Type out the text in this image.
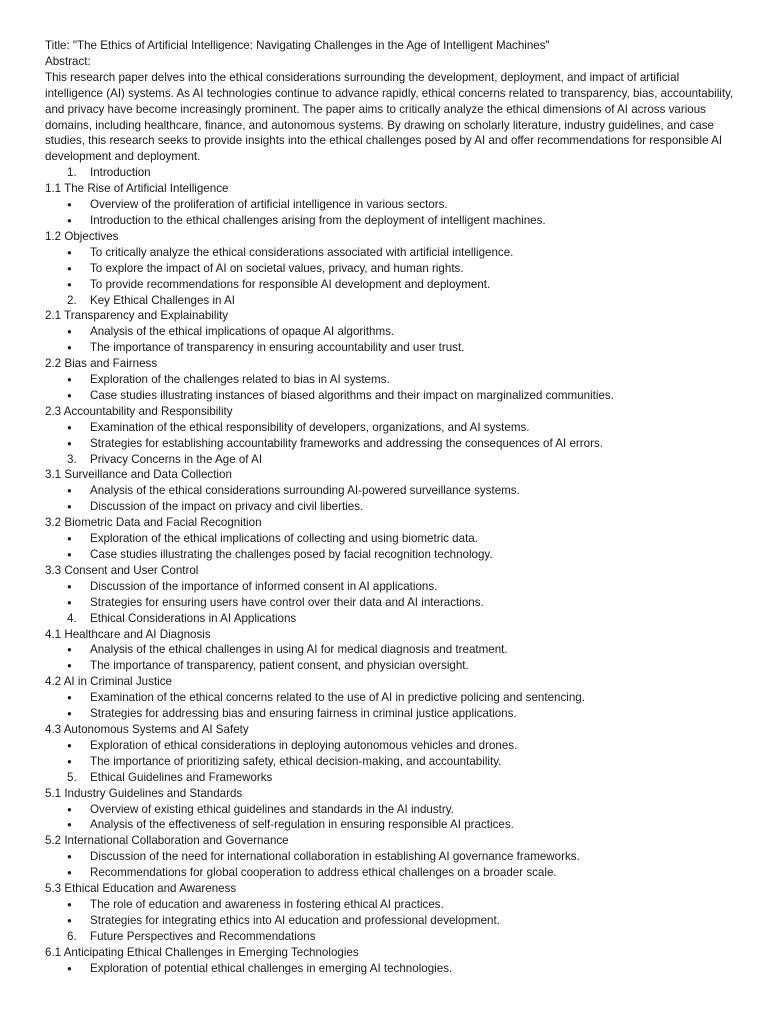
Title: "The Ethics of Artificial Intelligence: Navigating Challenges in the Age of Intelligent Machines"
Abstract:
This research paper delves into the ethical considerations surrounding the development, deployment, and impact of artificial intelligence (AI) systems. As AI technologies continue to advance rapidly, ethical concerns related to transparency, bias, accountability, and privacy have become increasingly prominent. The paper aims to critically analyze the ethical dimensions of AI across various domains, including healthcare, finance, and autonomous systems. By drawing on scholarly literature, industry guidelines, and case studies, this research seeks to provide insights into the ethical challenges posed by AI and offer recommendations for responsible AI development and deployment.
1. Introduction
1.1 The Rise of Artificial Intelligence
● Overview of the proliferation of artificial intelligence in various sectors.
● Introduction to the ethical challenges arising from the deployment of intelligent machines.
1.2 Objectives
● To critically analyze the ethical considerations associated with artificial intelligence.
● To explore the impact of AI on societal values, privacy, and human rights.
● To provide recommendations for responsible AI development and deployment.
2. Key Ethical Challenges in AI
2.1 Transparency and Explainability
● Analysis of the ethical implications of opaque AI algorithms.
● The importance of transparency in ensuring accountability and user trust.
2.2 Bias and Fairness
● Exploration of the challenges related to bias in AI systems.
● Case studies illustrating instances of biased algorithms and their impact on marginalized communities.
2.3 Accountability and Responsibility
● Examination of the ethical responsibility of developers, organizations, and AI systems.
● Strategies for establishing accountability frameworks and addressing the consequences of AI errors.
3. Privacy Concerns in the Age of AI
3.1 Surveillance and Data Collection
● Analysis of the ethical considerations surrounding AI-powered surveillance systems.
● Discussion of the impact on privacy and civil liberties.
3.2 Biometric Data and Facial Recognition
● Exploration of the ethical implications of collecting and using biometric data.
● Case studies illustrating the challenges posed by facial recognition technology.
3.3 Consent and User Control
● Discussion of the importance of informed consent in AI applications.
● Strategies for ensuring users have control over their data and AI interactions.
4. Ethical Considerations in AI Applications
4.1 Healthcare and AI Diagnosis
● Analysis of the ethical challenges in using AI for medical diagnosis and treatment.
● The importance of transparency, patient consent, and physician oversight.
4.2 AI in Criminal Justice
● Examination of the ethical concerns related to the use of AI in predictive policing and sentencing.
● Strategies for addressing bias and ensuring fairness in criminal justice applications.
4.3 Autonomous Systems and AI Safety
● Exploration of ethical considerations in deploying autonomous vehicles and drones.
● The importance of prioritizing safety, ethical decision-making, and accountability.
5. Ethical Guidelines and Frameworks
5.1 Industry Guidelines and Standards
● Overview of existing ethical guidelines and standards in the AI industry.
● Analysis of the effectiveness of self-regulation in ensuring responsible AI practices.
5.2 International Collaboration and Governance
● Discussion of the need for international collaboration in establishing AI governance frameworks.
● Recommendations for global cooperation to address ethical challenges on a broader scale.
5.3 Ethical Education and Awareness
● The role of education and awareness in fostering ethical AI practices.
● Strategies for integrating ethics into AI education and professional development.
6. Future Perspectives and Recommendations
6.1 Anticipating Ethical Challenges in Emerging Technologies
● Exploration of potential ethical challenges in emerging AI technologies.
